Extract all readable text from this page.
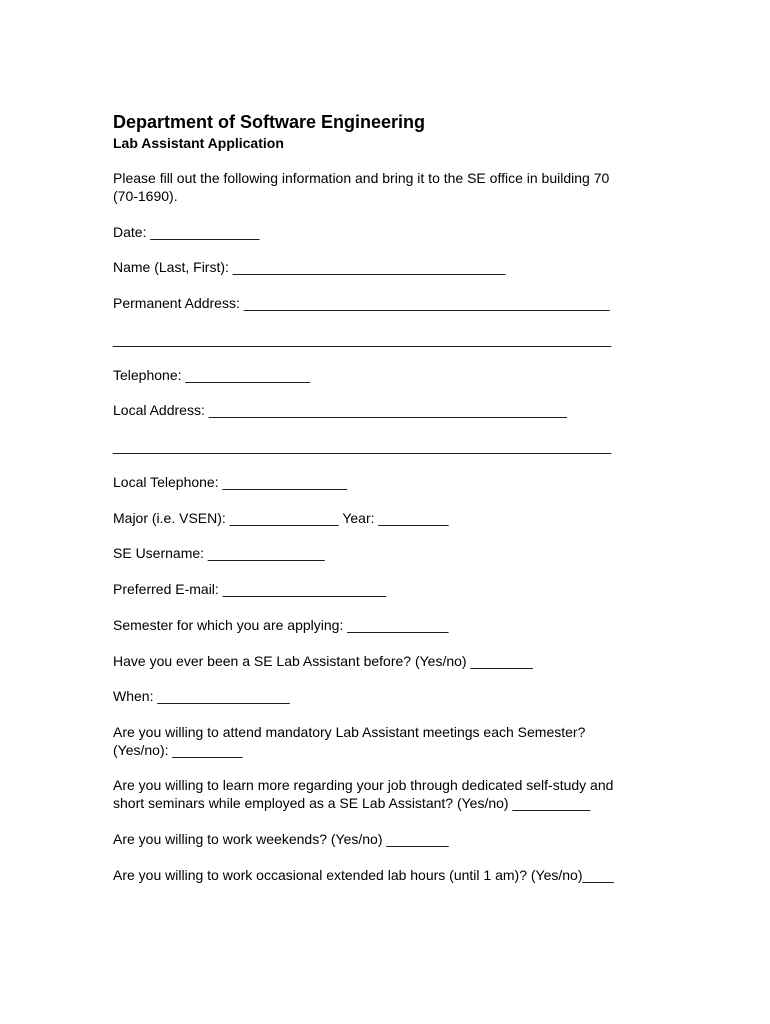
Department of Software Engineering

Lab Assistant Application

Please fill out the following information and bring it to the SE office in building 70

(70-1690).

Date: ______________

Name (Last, First): ___________________________________

Permanent Address: _______________________________________________

________________________________________________________________

Telephone: ________________

Local Address: ______________________________________________

________________________________________________________________

Local Telephone: ________________

Major (i.e. VSEN): ______________ Year: _________

SE Username: _______________

Preferred E-mail: _____________________

Semester for which you are applying: _____________

Have you ever been a SE Lab Assistant before? (Yes/no) ________

When: _________________

Are you willing to attend mandatory Lab Assistant meetings each Semester?

(Yes/no): _________

Are you willing to learn more regarding your job through dedicated self-study and

short seminars while employed as a SE Lab Assistant? (Yes/no) __________

Are you willing to work weekends? (Yes/no) ________

Are you willing to work occasional extended lab hours (until 1 am)? (Yes/no)____
